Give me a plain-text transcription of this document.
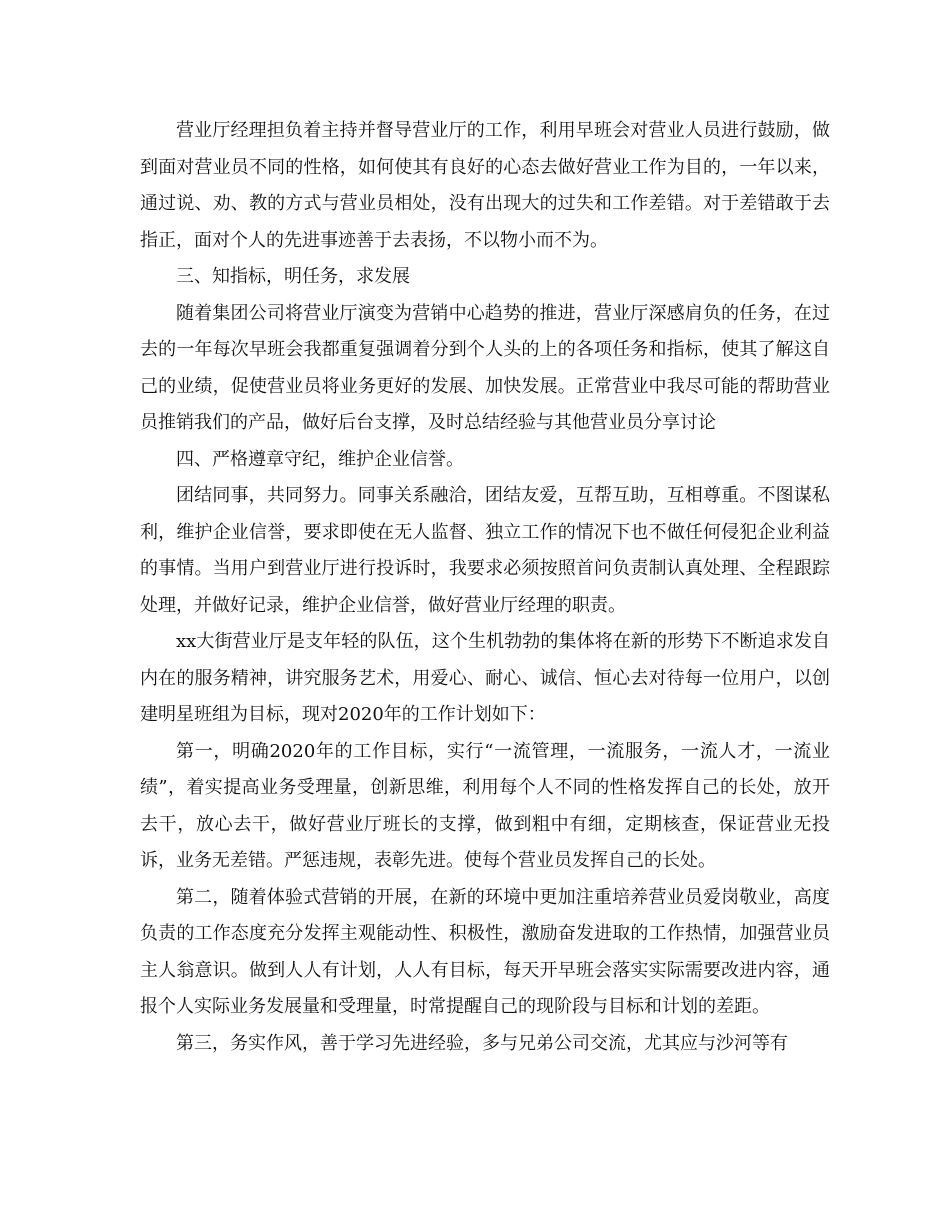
营业厅经理担负着主持并督导营业厅的工作，利用早班会对营业人员进行鼓励，做到面对营业员不同的性格，如何使其有良好的心态去做好营业工作为目的，一年以来，通过说、劝、教的方式与营业员相处，没有出现大的过失和工作差错。对于差错敢于去指正，面对个人的先进事迹善于去表扬，不以物小而不为。

三、知指标，明任务，求发展

随着集团公司将营业厅演变为营销中心趋势的推进，营业厅深感肩负的任务，在过去的一年每次早班会我都重复强调着分到个人头的上的各项任务和指标，使其了解这自己的业绩，促使营业员将业务更好的发展、加快发展。正常营业中我尽可能的帮助营业员推销我们的产品，做好后台支撑，及时总结经验与其他营业员分享讨论

四、严格遵章守纪，维护企业信誉。

团结同事，共同努力。同事关系融洽，团结友爱，互帮互助，互相尊重。不图谋私利，维护企业信誉，要求即使在无人监督、独立工作的情况下也不做任何侵犯企业利益的事情。当用户到营业厅进行投诉时，我要求必须按照首问负责制认真处理、全程跟踪处理，并做好记录，维护企业信誉，做好营业厅经理的职责。

xx大街营业厅是支年轻的队伍，这个生机勃勃的集体将在新的形势下不断追求发自内在的服务精神，讲究服务艺术，用爱心、耐心、诚信、恒心去对待每一位用户，以创建明星班组为目标，现对2020年的工作计划如下：

第一，明确2020年的工作目标，实行“一流管理，一流服务，一流人才，一流业绩”，着实提高业务受理量，创新思维，利用每个人不同的性格发挥自己的长处，放开去干，放心去干，做好营业厅班长的支撑，做到粗中有细，定期核查，保证营业无投诉，业务无差错。严惩违规，表彰先进。使每个营业员发挥自己的长处。

第二，随着体验式营销的开展，在新的环境中更加注重培养营业员爱岗敬业，高度负责的工作态度充分发挥主观能动性、积极性，激励奋发进取的工作热情，加强营业员主人翁意识。做到人人有计划，人人有目标，每天开早班会落实实际需要改进内容，通报个人实际业务发展量和受理量，时常提醒自己的现阶段与目标和计划的差距。

第三，务实作风，善于学习先进经验，多与兄弟公司交流，尤其应与沙河等有
